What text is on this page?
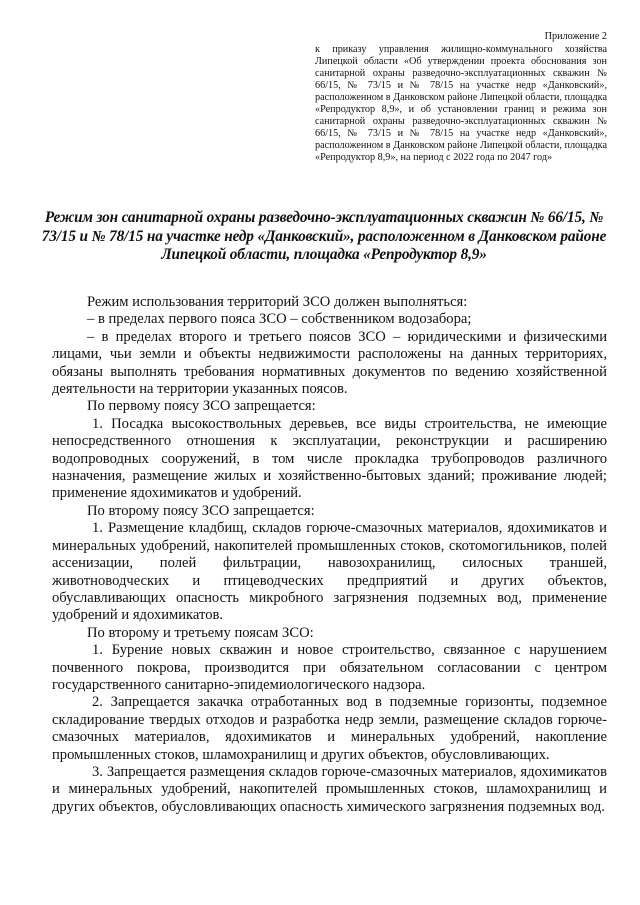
Приложение 2
к приказу управления жилищно-коммунального хозяйства Липецкой области «Об утверждении проекта обоснования зон санитарной охраны разведочно-эксплуатационных скважин № 66/15, № 73/15 и № 78/15 на участке недр «Данковский», расположенном в Данковском районе Липецкой области, площадка «Репродуктор 8,9», и об установлении границ и режима зон санитарной охраны разведочно-эксплуатационных скважин № 66/15, № 73/15 и № 78/15 на участке недр «Данковский», расположенном в Данковском районе Липецкой области, площадка «Репродуктор 8,9», на период с 2022 года по 2047 год»
Режим зон санитарной охраны разведочно-эксплуатационных скважин № 66/15, № 73/15 и № 78/15 на участке недр «Данковский», расположенном в Данковском районе Липецкой области, площадка «Репродуктор 8,9»

Режим использования территорий ЗСО должен выполняться:

– в пределах первого пояса ЗСО – собственником водозабора;

– в пределах второго и третьего поясов ЗСО – юридическими и физическими лицами, чьи земли и объекты недвижимости расположены на данных территориях, обязаны выполнять требования нормативных документов по ведению хозяйственной деятельности на территории указанных поясов.

По первому поясу ЗСО запрещается:

1. Посадка высокоствольных деревьев, все виды строительства, не имеющие непосредственного отношения к эксплуатации, реконструкции и расширению водопроводных сооружений, в том числе прокладка трубопроводов различного назначения, размещение жилых и хозяйственно-бытовых зданий; проживание людей; применение ядохимикатов и удобрений.

По второму поясу ЗСО запрещается:

1. Размещение кладбищ, складов горюче-смазочных материалов, ядохимикатов и минеральных удобрений, накопителей промышленных стоков, скотомогильников, полей ассенизации, полей фильтрации, навозохранилищ, силосных траншей, животноводческих и птицеводческих предприятий и других объектов, обуславливающих опасность микробного загрязнения подземных вод, применение удобрений и ядохимикатов.

По второму и третьему поясам ЗСО:

1. Бурение новых скважин и новое строительство, связанное с нарушением почвенного покрова, производится при обязательном согласовании с центром государственного санитарно-эпидемиологического надзора.

2. Запрещается закачка отработанных вод в подземные горизонты, подземное складирование твердых отходов и разработка недр земли, размещение складов горюче-смазочных материалов, ядохимикатов и минеральных удобрений, накопление промышленных стоков, шламохранилищ и других объектов, обусловливающих.

3. Запрещается размещения складов горюче-смазочных материалов, ядохимикатов и минеральных удобрений, накопителей промышленных стоков, шламохранилищ и других объектов, обусловливающих опасность химического загрязнения подземных вод.
